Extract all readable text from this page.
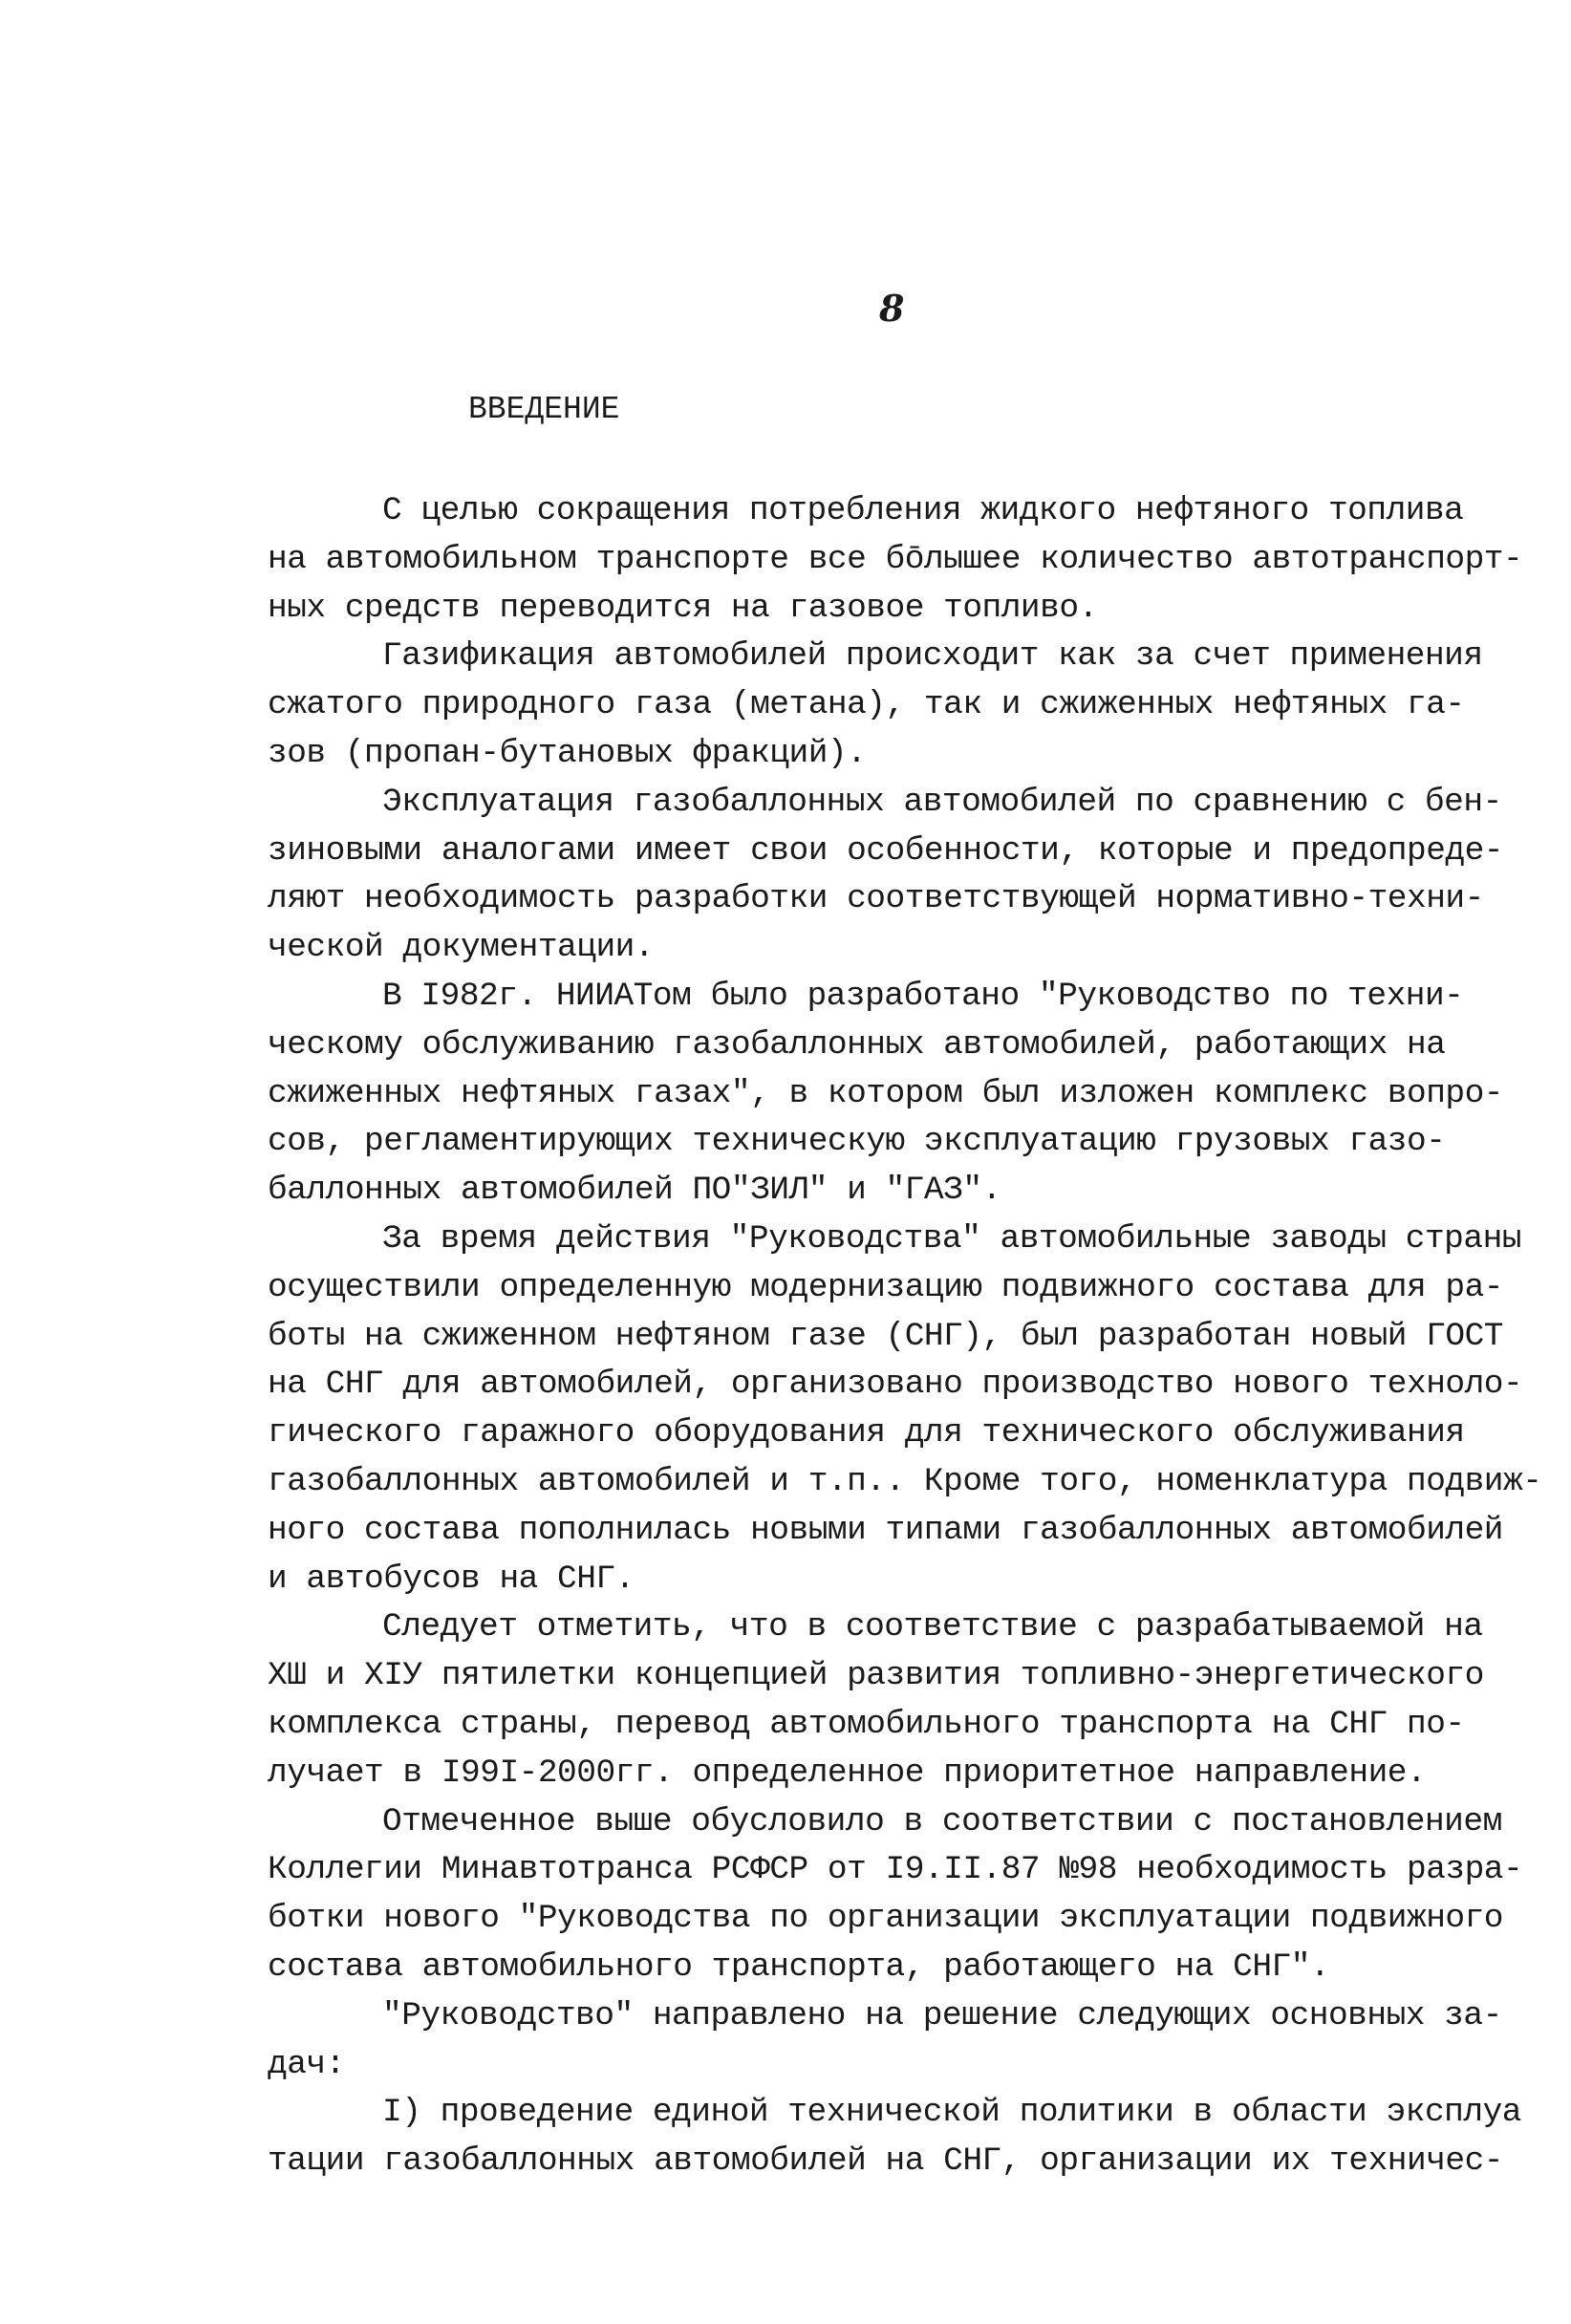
8
ВВЕДЕНИЕ
С целью сокращения потребления жидкого нефтяного топлива
на автомобильном транспорте все бōлышее количество автотранспорт-
ных средств переводится на газовое топливо.
Газификация автомобилей происходит как за счет применения
сжатого природного газа (метана), так и сжиженных нефтяных га-
зов (пропан-бутановых фракций).
Эксплуатация газобаллонных автомобилей по сравнению с бен-
зиновыми аналогами имеет свои особенности, которые и предопреде-
ляют необходимость разработки соответствующей нормативно-техни-
ческой документации.
В I982г. НИИАТом было разработано "Руководство по техни-
ческому обслуживанию газобаллонных автомобилей, работающих на
сжиженных нефтяных газах", в котором был изложен комплекс вопро-
сов, регламентирующих техническую эксплуатацию грузовых газо-
баллонных автомобилей ПО"ЗИЛ" и "ГАЗ".
За время действия "Руководства" автомобильные заводы страны
осуществили определенную модернизацию подвижного состава для ра-
боты на сжиженном нефтяном газе (СНГ), был разработан новый ГОСТ
на СНГ для автомобилей, организовано производство нового техноло-
гического гаражного оборудования для технического обслуживания
газобаллонных автомобилей и т.п.. Кроме того, номенклатура подвиж-
ного состава пополнилась новыми типами газобаллонных автомобилей
и автобусов на СНГ.
Следует отметить, что в соответствие с разрабатываемой на
XШ и XIУ пятилетки концепцией развития топливно-энергетического
комплекса страны, перевод автомобильного транспорта на СНГ по-
лучает в I99I-2000гг. определенное приоритетное направление.
Отмеченное выше обусловило в соответствии с постановлением
Коллегии Минавтотранса РСФСР от I9.II.87 №98 необходимость разра-
ботки нового "Руководства по организации эксплуатации подвижного
состава автомобильного транспорта, работающего на СНГ".
"Руководство" направлено на решение следующих основных за-
дач:
I) проведение единой технической политики в области эксплуа
тации газобаллонных автомобилей на СНГ, организации их техничес-
